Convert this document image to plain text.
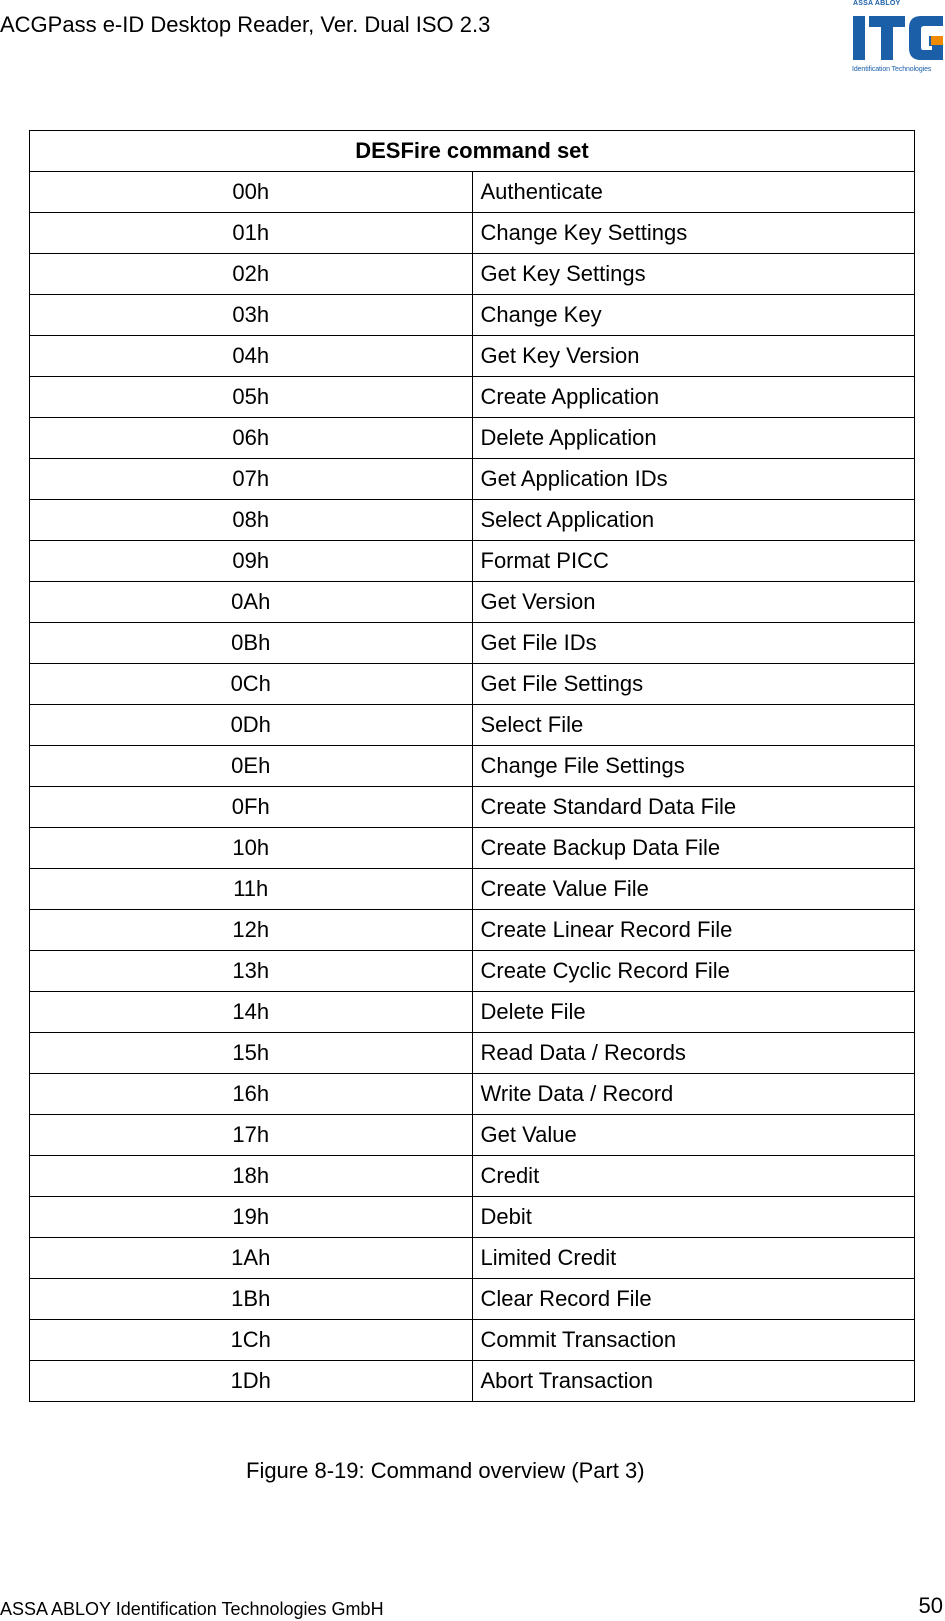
ACGPass e-ID Desktop Reader, Ver. Dual ISO 2.3
ASSA ABLOY
Identification Technologies
DESFire command set	
00h	Authenticate
01h	Change Key Settings
02h	Get Key Settings
03h	Change Key
04h	Get Key Version
05h	Create Application
06h	Delete Application
07h	Get Application IDs
08h	Select Application
09h	Format PICC
0Ah	Get Version
0Bh	Get File IDs
0Ch	Get File Settings
0Dh	Select File
0Eh	Change File Settings
0Fh	Create Standard Data File
10h	Create Backup Data File
11h	Create Value File
12h	Create Linear Record File
13h	Create Cyclic Record File
14h	Delete File
15h	Read Data / Records
16h	Write Data / Record
17h	Get Value
18h	Credit
19h	Debit
1Ah	Limited Credit
1Bh	Clear Record File
1Ch	Commit Transaction
1Dh	Abort Transaction
Figure 8-19: Command overview (Part 3)
ASSA ABLOY Identification Technologies GmbH	50
